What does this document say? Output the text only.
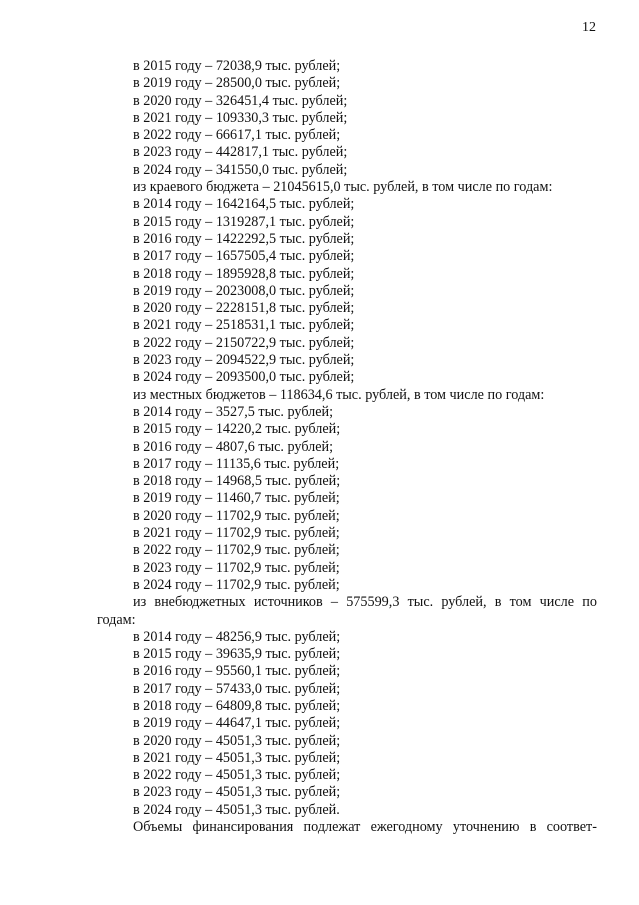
12
в 2015 году – 72038,9 тыс. рублей;
в 2019 году – 28500,0 тыс. рублей;
в 2020 году – 326451,4 тыс. рублей;
в 2021 году – 109330,3 тыс. рублей;
в 2022 году – 66617,1 тыс. рублей;
в 2023 году – 442817,1 тыс. рублей;
в 2024 году – 341550,0 тыс. рублей;
из краевого бюджета – 21045615,0 тыс. рублей, в том числе по годам:
в 2014 году – 1642164,5 тыс. рублей;
в 2015 году – 1319287,1 тыс. рублей;
в 2016 году – 1422292,5 тыс. рублей;
в 2017 году – 1657505,4 тыс. рублей;
в 2018 году – 1895928,8 тыс. рублей;
в 2019 году – 2023008,0 тыс. рублей;
в 2020 году – 2228151,8 тыс. рублей;
в 2021 году – 2518531,1 тыс. рублей;
в 2022 году – 2150722,9 тыс. рублей;
в 2023 году – 2094522,9 тыс. рублей;
в 2024 году – 2093500,0 тыс. рублей;
из местных бюджетов – 118634,6 тыс. рублей, в том числе по годам:
в 2014 году – 3527,5 тыс. рублей;
в 2015 году – 14220,2 тыс. рублей;
в 2016 году – 4807,6 тыс. рублей;
в 2017 году – 11135,6 тыс. рублей;
в 2018 году – 14968,5 тыс. рублей;
в 2019 году – 11460,7 тыс. рублей;
в 2020 году – 11702,9 тыс. рублей;
в 2021 году – 11702,9 тыс. рублей;
в 2022 году – 11702,9 тыс. рублей;
в 2023 году – 11702,9 тыс. рублей;
в 2024 году – 11702,9 тыс. рублей;
из внебюджетных источников – 575599,3 тыс. рублей, в том числе по
годам:
в 2014 году – 48256,9 тыс. рублей;
в 2015 году – 39635,9 тыс. рублей;
в 2016 году – 95560,1 тыс. рублей;
в 2017 году – 57433,0 тыс. рублей;
в 2018 году – 64809,8 тыс. рублей;
в 2019 году – 44647,1 тыс. рублей;
в 2020 году – 45051,3 тыс. рублей;
в 2021 году – 45051,3 тыс. рублей;
в 2022 году – 45051,3 тыс. рублей;
в 2023 году – 45051,3 тыс. рублей;
в 2024 году – 45051,3 тыс. рублей.
Объемы финансирования подлежат ежегодному уточнению в соответ-
